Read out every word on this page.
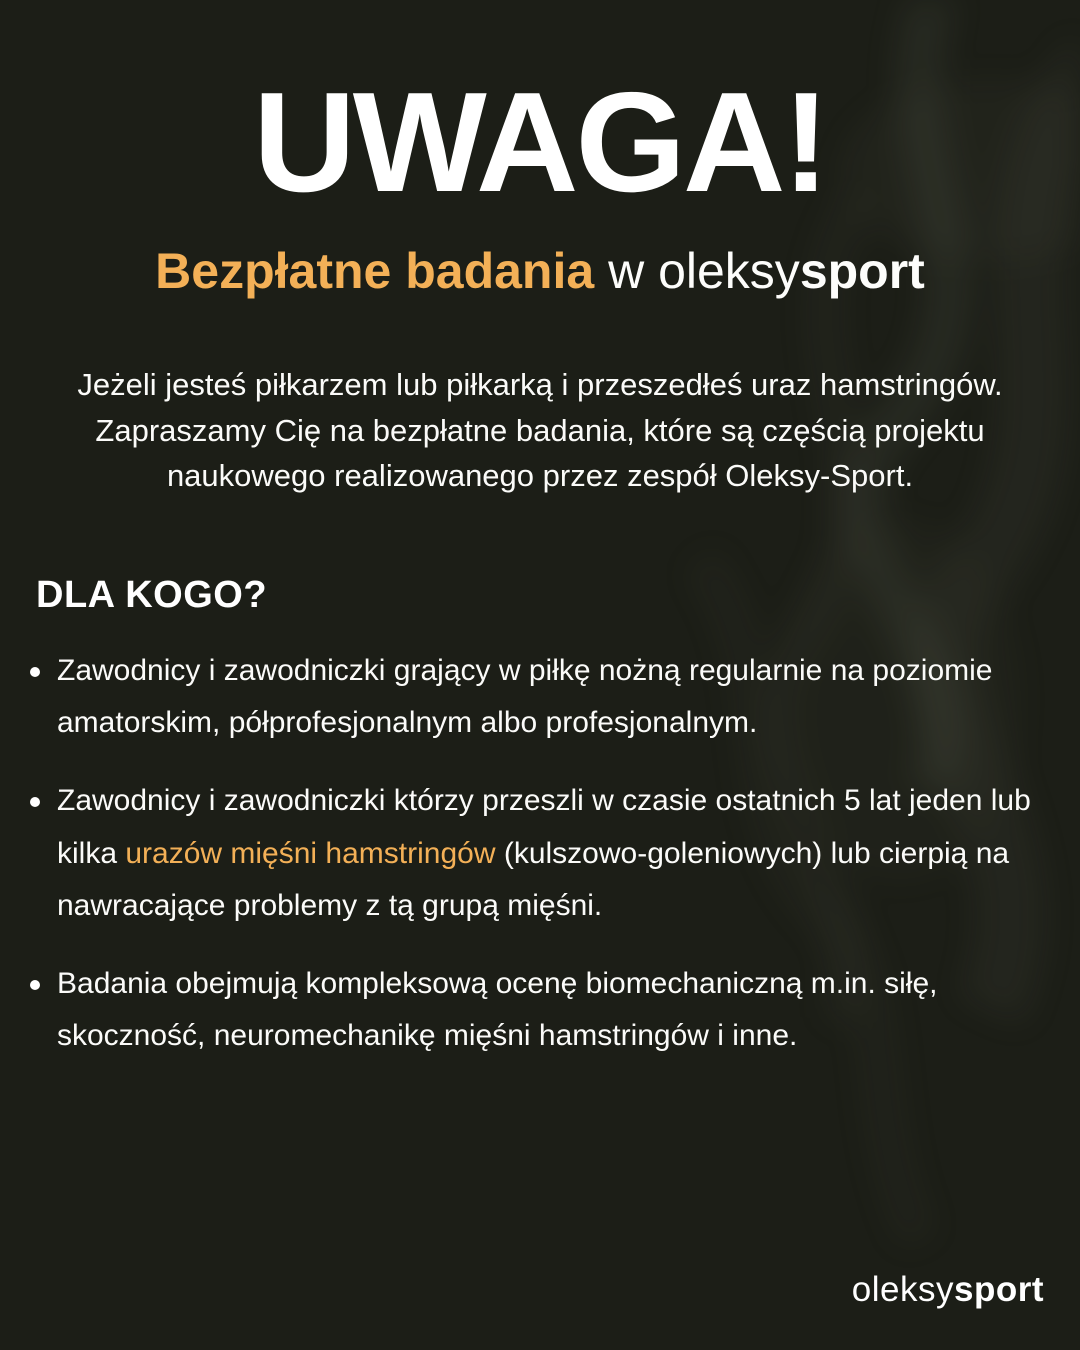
UWAGA!
Bezpłatne badania w oleksysport

Jeżeli jesteś piłkarzem lub piłkarką i przeszedłeś uraz hamstringów. Zapraszamy Cię na bezpłatne badania, które są częścią projektu naukowego realizowanego przez zespół Oleksy-Sport.

DLA KOGO?
Zawodnicy i zawodniczki grający w piłkę nożną regularnie na poziomie amatorskim, półprofesjonalnym albo profesjonalnym.
Zawodnicy i zawodniczki którzy przeszli w czasie ostatnich 5 lat jeden lub kilka urazów mięśni hamstringów (kulszowo-goleniowych) lub cierpią na nawracające problemy z tą grupą mięśni.
Badania obejmują kompleksową ocenę biomechaniczną m.in. siłę, skoczność, neuromechanikę mięśni hamstringów i inne.
oleksysport
